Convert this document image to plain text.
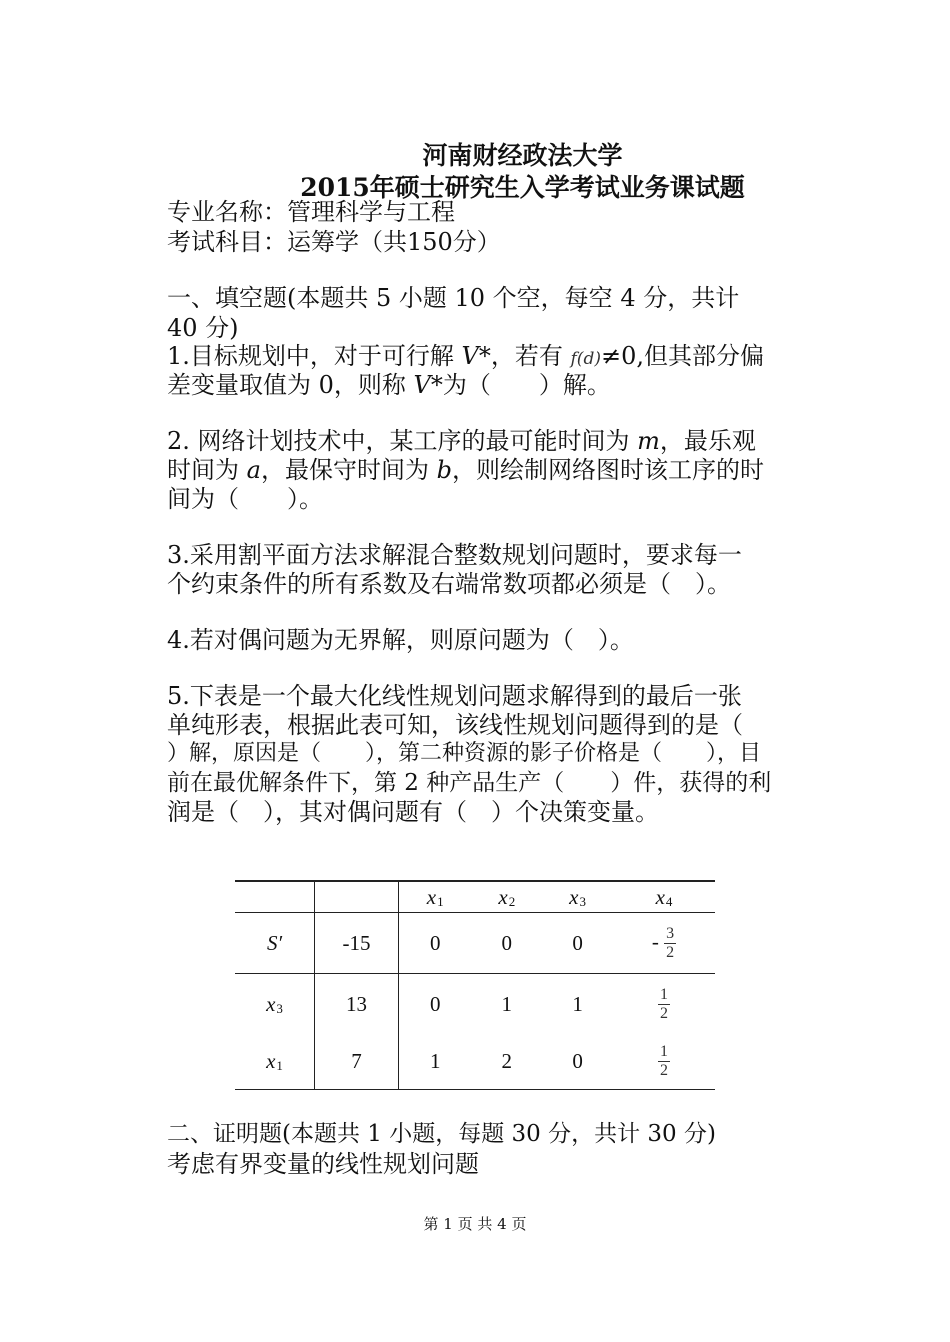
河南财经政法大学
2015年硕士研究生入学考试业务课试题
专业名称：管理科学与工程
考试科目：运筹学（共150分）
一、填空题(本题共 5 小题 10 个空，每空 4 分，共计
40 分)
1.目标规划中，对于可行解 V*，若有 f(d)≠0,但其部分偏
差变量取值为 0，则称 V*为（　　）解。
2. 网络计划技术中，某工序的最可能时间为 m，最乐观
时间为 a，最保守时间为 b，则绘制网络图时该工序的时
间为（　　）。
3.采用割平面方法求解混合整数规划问题时，要求每一
个约束条件的所有系数及右端常数项都必须是（　）。
4.若对偶问题为无界解，则原问题为（　）。
5.下表是一个最大化线性规划问题求解得到的最后一张
单纯形表，根据此表可知，该线性规划问题得到的是（
）解，原因是（　　），第二种资源的影子价格是（　　），目
前在最优解条件下，第 2 种产品生产（　　）件，获得的利
润是（　），其对偶问题有（　）个决策变量。
		x1	x2	x3	x4
S′	-15	0	0	0	- $\frac{3}{2}$

x3	13	0	1	1	$\frac{1}{2}$

x1	7	1	2	0	$\frac{1}{2}$
二、证明题(本题共 1 小题，每题 30 分，共计 30 分)
考虑有界变量的线性规划问题
第 1 页 共 4 页
